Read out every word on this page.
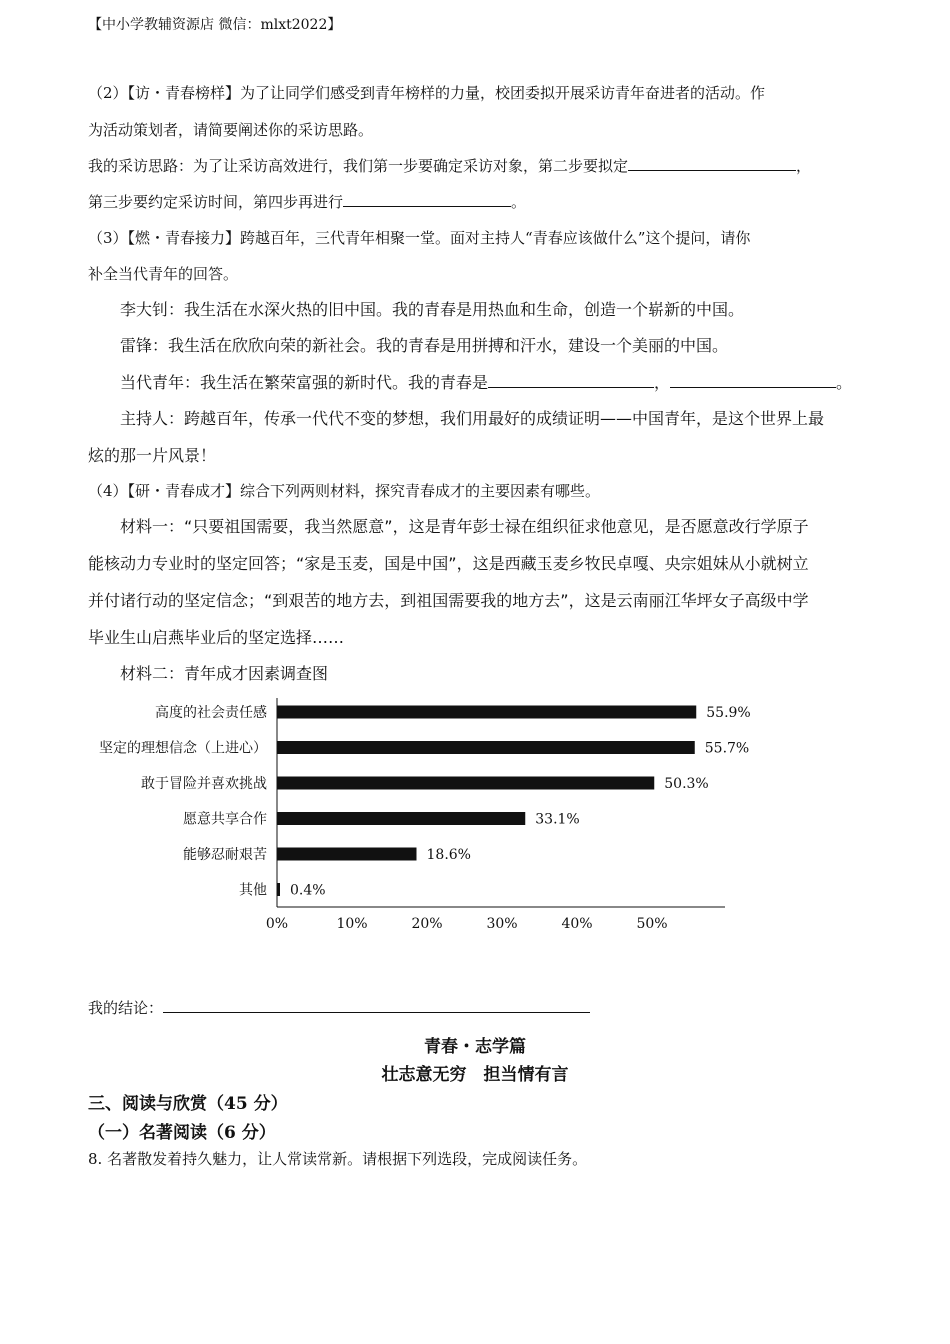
【中小学教辅资源店 微信：mlxt2022】
（2）【访・青春榜样】为了让同学们感受到青年榜样的力量，校团委拟开展采访青年奋进者的活动。作
为活动策划者，请简要阐述你的采访思路。
我的采访思路：为了让采访高效进行，我们第一步要确定采访对象，第二步要拟定	，
第三步要约定采访时间，第四步再进行	。
（3）【燃・青春接力】跨越百年，三代青年相聚一堂。面对主持人“青春应该做什么”这个提问，请你
补全当代青年的回答。
李大钊：我生活在水深火热的旧中国。我的青春是用热血和生命，创造一个崭新的中国。
雷锋：我生活在欣欣向荣的新社会。我的青春是用拼搏和汗水，建设一个美丽的中国。
当代青年：我生活在繁荣富强的新时代。我的青春是	，	。
主持人：跨越百年，传承一代代不变的梦想，我们用最好的成绩证明——中国青年，是这个世界上最
炫的那一片风景！
（4）【研・青春成才】综合下列两则材料，探究青春成才的主要因素有哪些。
材料一：“只要祖国需要，我当然愿意”，这是青年彭士禄在组织征求他意见，是否愿意改行学原子
能核动力专业时的坚定回答；“家是玉麦，国是中国”，这是西藏玉麦乡牧民卓嘎、央宗姐妹从小就树立
并付诸行动的坚定信念；“到艰苦的地方去，到祖国需要我的地方去”，这是云南丽江华坪女子高级中学
毕业生山启燕毕业后的坚定选择……
材料二：青年成才因素调查图
高度的社会责任感	55.9%
坚定的理想信念（上进心）	55.7%
敢于冒险并喜欢挑战	50.3%
愿意共享合作	33.1%
能够忍耐艰苦	18.6%
其他 0.4%
0%	10%	20%	30%	40%	50%
我的结论：
青春・志学篇
壮志意无穷　担当情有言
三、阅读与欣赏（45 分）
（一）名著阅读（6 分）
8. 名著散发着持久魅力，让人常读常新。请根据下列选段，完成阅读任务。
